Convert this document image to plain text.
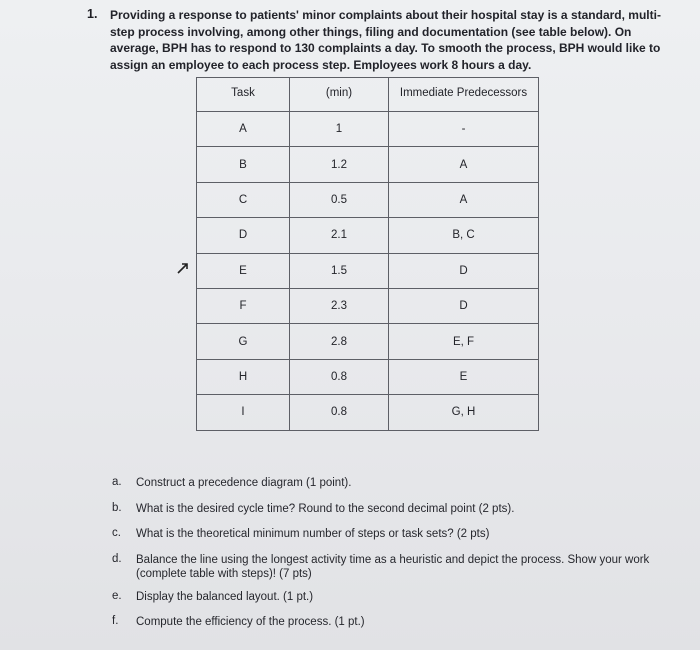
1. Providing a response to patients' minor complaints about their hospital stay is a standard, multi-step process involving, among other things, filing and documentation (see table below). On average, BPH has to respond to 130 complaints a day. To smooth the process, BPH would like to assign an employee to each process step. Employees work 8 hours a day.
Task	(min)	Immediate Predecessors
A	1	-
B	1.2	A
C	0.5	A
D	2.1	B, C
E	1.5	D
F	2.3	D
G	2.8	E, F
H	0.8	E
I	0.8	G, H
a.	Construct a precedence diagram (1 point).
b.	What is the desired cycle time? Round to the second decimal point (2 pts).
c.	What is the theoretical minimum number of steps or task sets? (2 pts)
d.	Balance the line using the longest activity time as a heuristic and depict the process. Show your work (complete table with steps)! (7 pts)
e.	Display the balanced layout. (1 pt.)
f.	Compute the efficiency of the process. (1 pt.)
